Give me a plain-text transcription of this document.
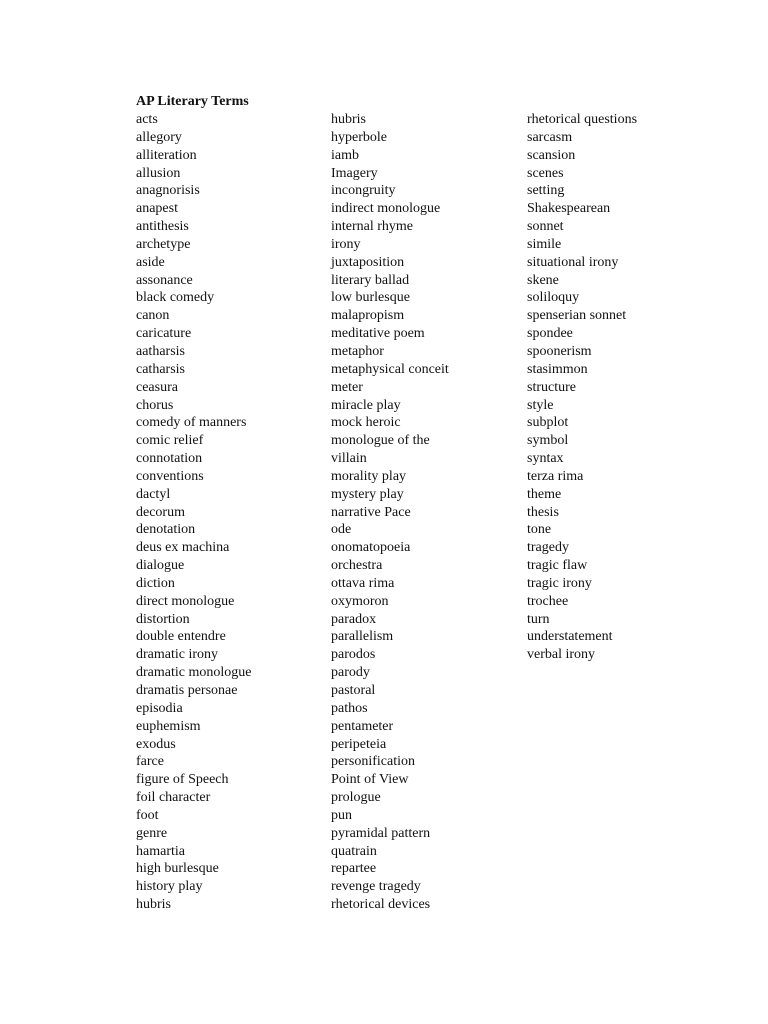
AP Literary Terms
acts
allegory
alliteration
allusion
anagnorisis
anapest
antithesis
archetype
aside
assonance
black comedy
canon
caricature
aatharsis
catharsis
ceasura
chorus
comedy of manners
comic relief
connotation
conventions
dactyl
decorum
denotation
deus ex machina
dialogue
diction
direct monologue
distortion
double entendre
dramatic irony
dramatic monologue
dramatis personae
episodia
euphemism
exodus
farce
figure of Speech
foil character
foot
genre
hamartia
high burlesque
history play
hubris
hubris
hyperbole
iamb
Imagery
incongruity
indirect monologue
internal rhyme
irony
juxtaposition
literary ballad
low burlesque
malapropism
meditative poem
metaphor
metaphysical conceit
meter
miracle play
mock heroic
monologue of the
villain
morality play
mystery play
narrative Pace
ode
onomatopoeia
orchestra
ottava rima
oxymoron
paradox
parallelism
parodos
parody
pastoral
pathos
pentameter
peripeteia
personification
Point of View
prologue
pun
pyramidal pattern
quatrain
repartee
revenge tragedy
rhetorical devices
rhetorical questions
sarcasm
scansion
scenes
setting
Shakespearean
sonnet
simile
situational irony
skene
soliloquy
spenserian sonnet
spondee
spoonerism
stasimmon
structure
style
subplot
symbol
syntax
terza rima
theme
thesis
tone
tragedy
tragic flaw
tragic irony
trochee
turn
understatement
verbal irony
